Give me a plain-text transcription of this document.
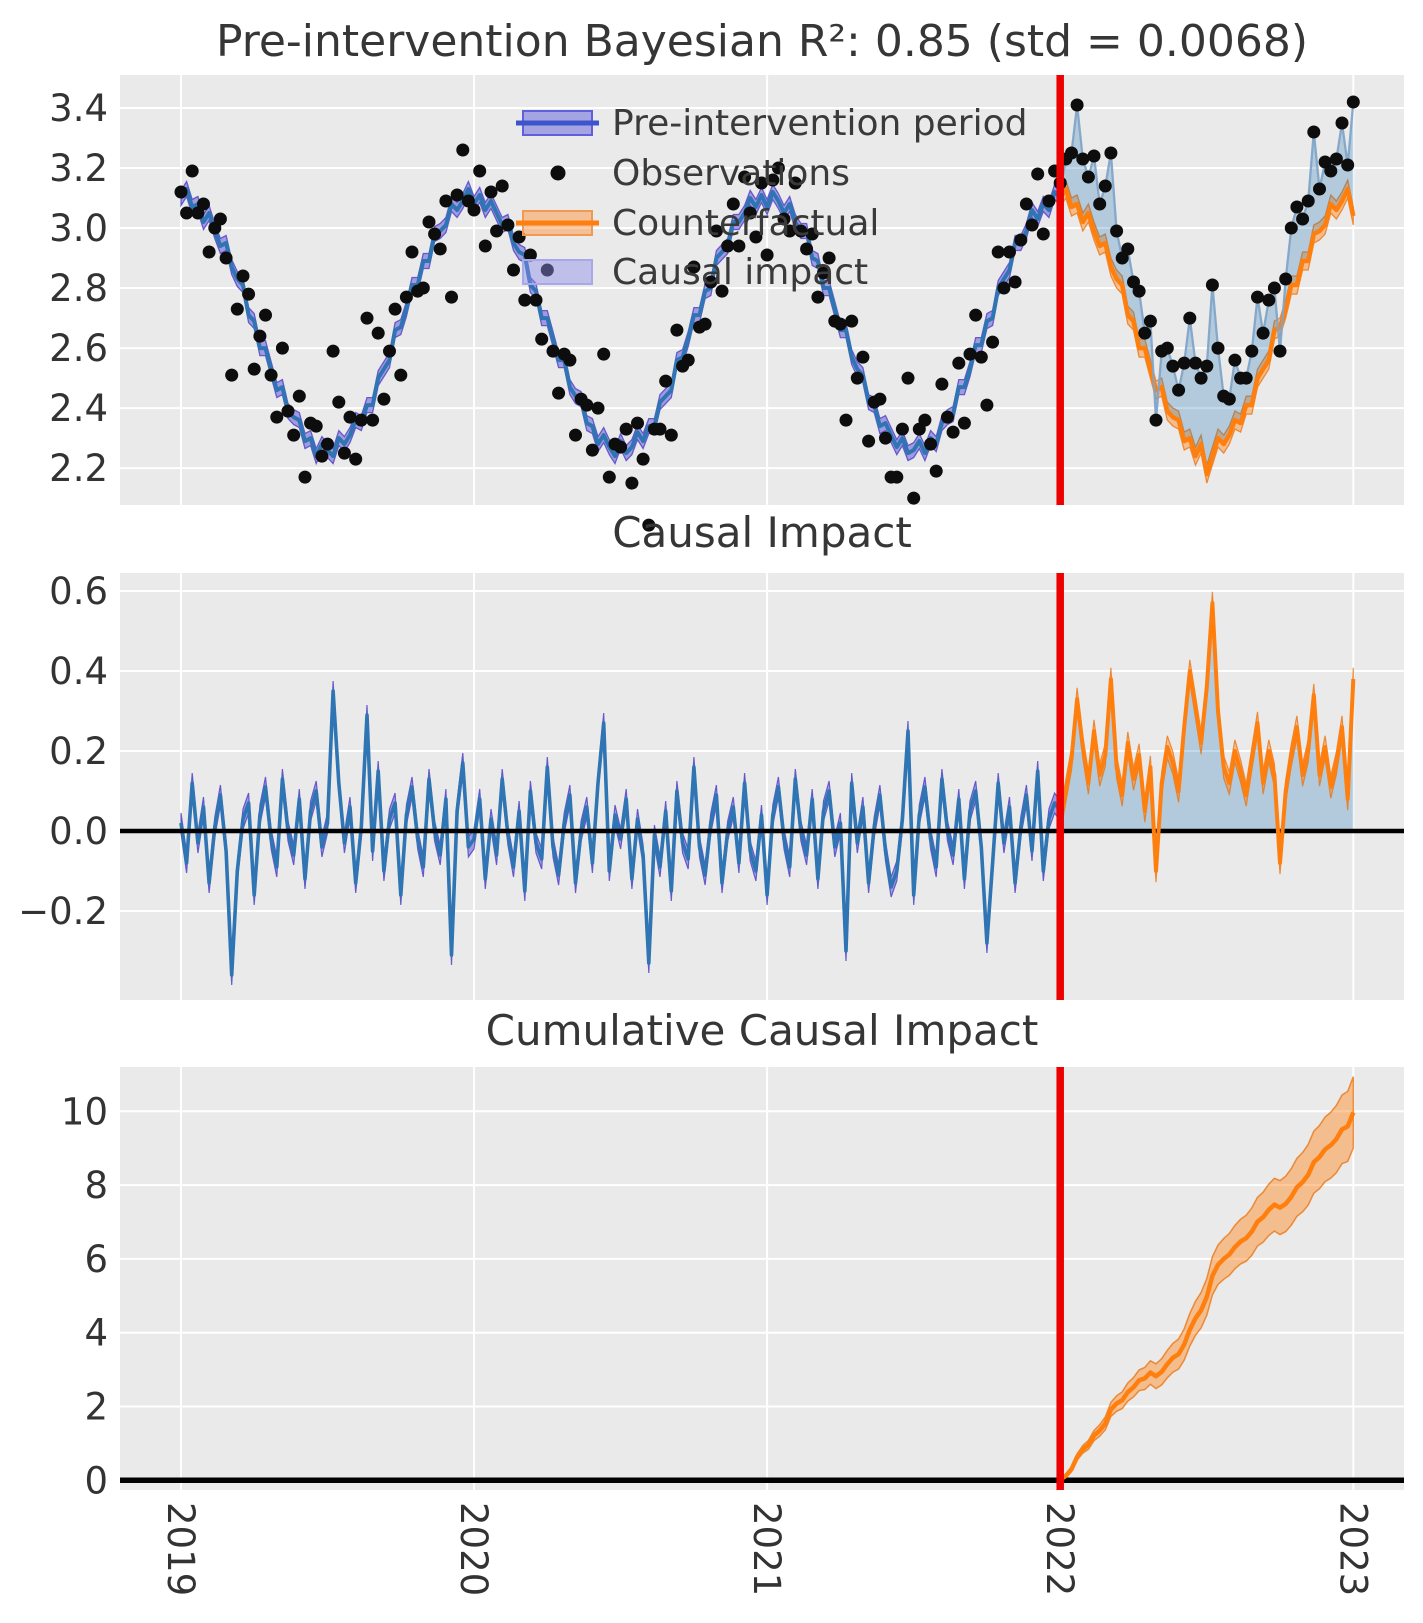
3.4
3.2
3.0
2.8
2.6
2.4
2.2
0.6
0.4
0.2
0.0
−0.2
10
8
6
4
2
0
2019	2020	2021	2022	2023
Pre-intervention Bayesian R²: 0.85 (std = 0.0068)
Causal Impact
Cumulative Causal Impact
Pre-intervention period
Observations
Counterfactual
Causal impact
